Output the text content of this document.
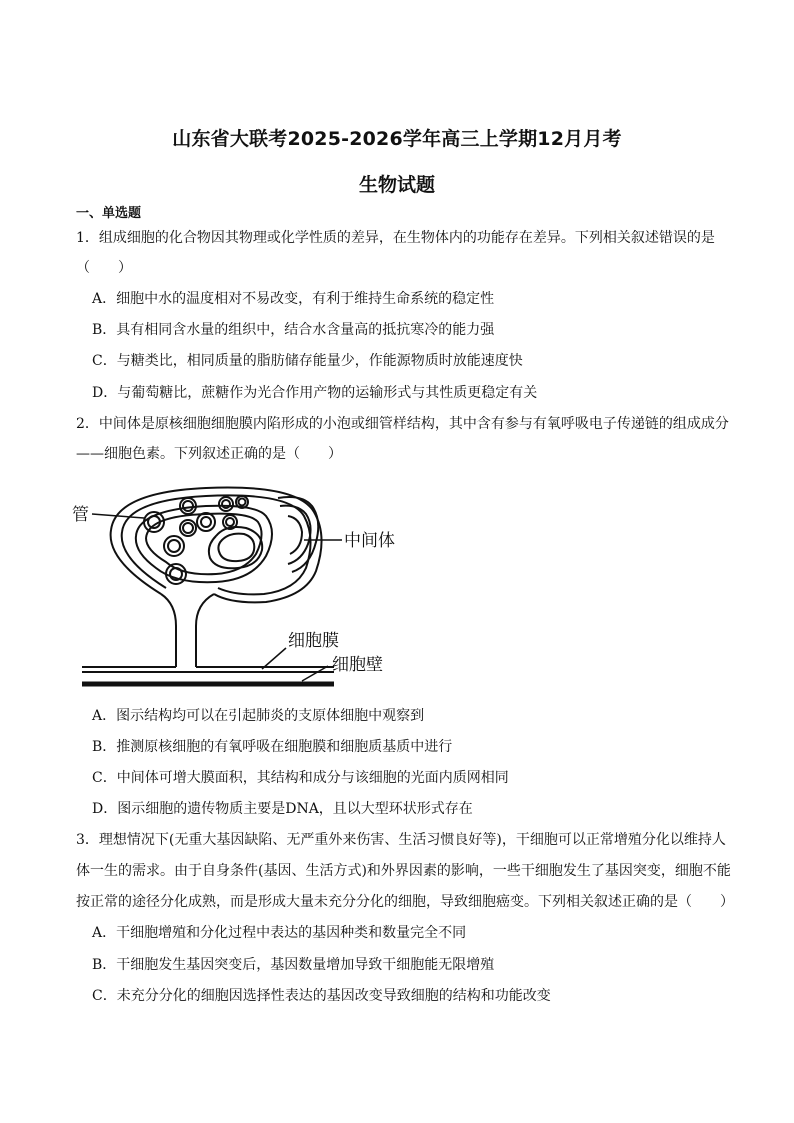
山东省大联考2025-2026学年高三上学期12月月考
生物试题
一、单选题
1．组成细胞的化合物因其物理或化学性质的差异，在生物体内的功能存在差异。下列相关叙述错误的是
（　　）
A．细胞中水的温度相对不易改变，有利于维持生命系统的稳定性
B．具有相同含水量的组织中，结合水含量高的抵抗寒冷的能力强
C．与糖类比，相同质量的脂肪储存能量少，作能源物质时放能速度快
D．与葡萄糖比，蔗糖作为光合作用产物的运输形式与其性质更稳定有关
2．中间体是原核细胞细胞膜内陷形成的小泡或细管样结构，其中含有参与有氧呼吸电子传递链的组成成分
——细胞色素。下列叙述正确的是（　　）
管
中间体
细胞膜
细胞壁
A．图示结构均可以在引起肺炎的支原体细胞中观察到
B．推测原核细胞的有氧呼吸在细胞膜和细胞质基质中进行
C．中间体可增大膜面积，其结构和成分与该细胞的光面内质网相同
D．图示细胞的遗传物质主要是DNA，且以大型环状形式存在
3．理想情况下(无重大基因缺陷、无严重外来伤害、生活习惯良好等)，干细胞可以正常增殖分化以维持人
体一生的需求。由于自身条件(基因、生活方式)和外界因素的影响，一些干细胞发生了基因突变，细胞不能
按正常的途径分化成熟，而是形成大量未充分分化的细胞，导致细胞癌变。下列相关叙述正确的是（　　）
A．干细胞增殖和分化过程中表达的基因种类和数量完全不同
B．干细胞发生基因突变后，基因数量增加导致干细胞能无限增殖
C．未充分分化的细胞因选择性表达的基因改变导致细胞的结构和功能改变
